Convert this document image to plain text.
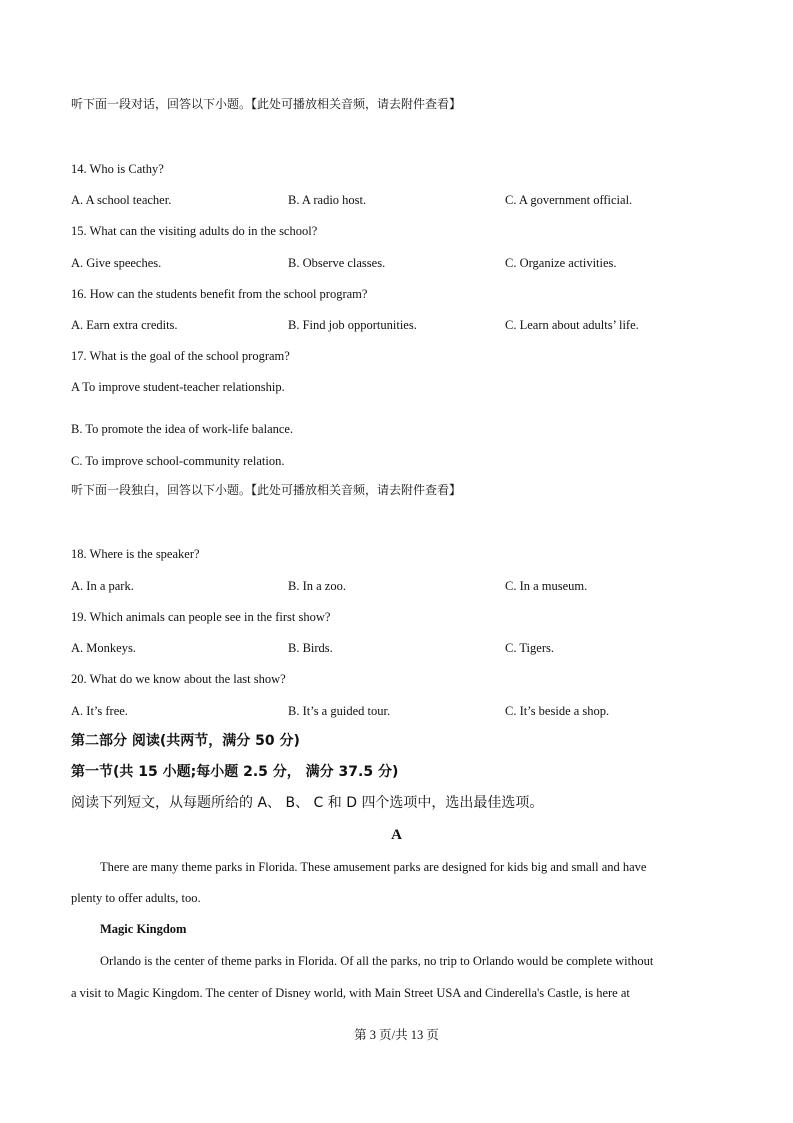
听下面一段对话，回答以下小题。【此处可播放相关音频，请去附件查看】
14. Who is Cathy?
A. A school teacher.	B. A radio host.	C. A government official.
15. What can the visiting adults do in the school?
A. Give speeches.	B. Observe classes.	C. Organize activities.
16. How can the students benefit from the school program?
A. Earn extra credits.	B. Find job opportunities.	C. Learn about adults’ life.
17. What is the goal of the school program?
A To improve student-teacher relationship.
B. To promote the idea of work-life balance.
C. To improve school-community relation.
听下面一段独白，回答以下小题。【此处可播放相关音频，请去附件查看】
18. Where is the speaker?
A. In a park.	B. In a zoo.	C. In a museum.
19. Which animals can people see in the first show?
A. Monkeys.	B. Birds.	C. Tigers.
20. What do we know about the last show?
A. It’s free.	B. It’s a guided tour.	C. It’s beside a shop.
第二部分 阅读(共两节，满分 50 分)
第一节(共 15 小题;每小题 2.5 分， 满分 37.5 分)
阅读下列短文，从每题所给的 A、 B、 C 和 D 四个选项中，选出最佳选项。
A
There are many theme parks in Florida. These amusement parks are designed for kids big and small and have
plenty to offer adults, too.
Magic Kingdom
Orlando is the center of theme parks in Florida. Of all the parks, no trip to Orlando would be complete without
a visit to Magic Kingdom. The center of Disney world, with Main Street USA and Cinderella's Castle, is here at
第 3 页/共 13 页
